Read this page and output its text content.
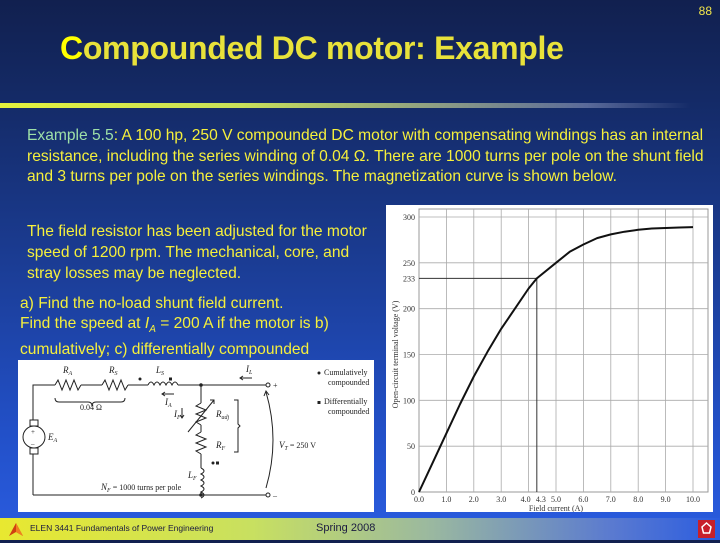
88
Compounded DC motor: Example
Example 5.5: A 100 hp, 250 V compounded DC motor with compensating windings has an internal resistance, including the series winding of 0.04 Ω. There are 1000 turns per pole on the shunt field and 3 turns per pole on the series windings. The magnetization curve is shown below.
The field resistor has been adjusted for the motor speed of 1200 rpm. The mechanical, core, and stray losses may be neglected.
a) Find the no-load shunt field current.
Find the speed at $I_A = 200$ A if the motor is b) cumulatively; c) differentially compounded
$R_A$	$R_S$	$L_S$	$I_L$
$I_A$
$I_F$	$R_{adj}$
$R_F$
$L_F$
$E_A$
$N_F = 1000$ turns per pole
$V_T = 250$ V
0.04 Ω
+
–
+
–
Cumulatively
compounded
Differentially
compounded
0
50
100
150
200
233
250
300
0.0 1.0 2.0 3.0 4.0 4.3 5.0 6.0 7.0 8.0 9.0 10.0
Field current (A)
Open-circuit terminal voltage (V)
ELEN 3441 Fundamentals of Power Engineering	Spring 2008
